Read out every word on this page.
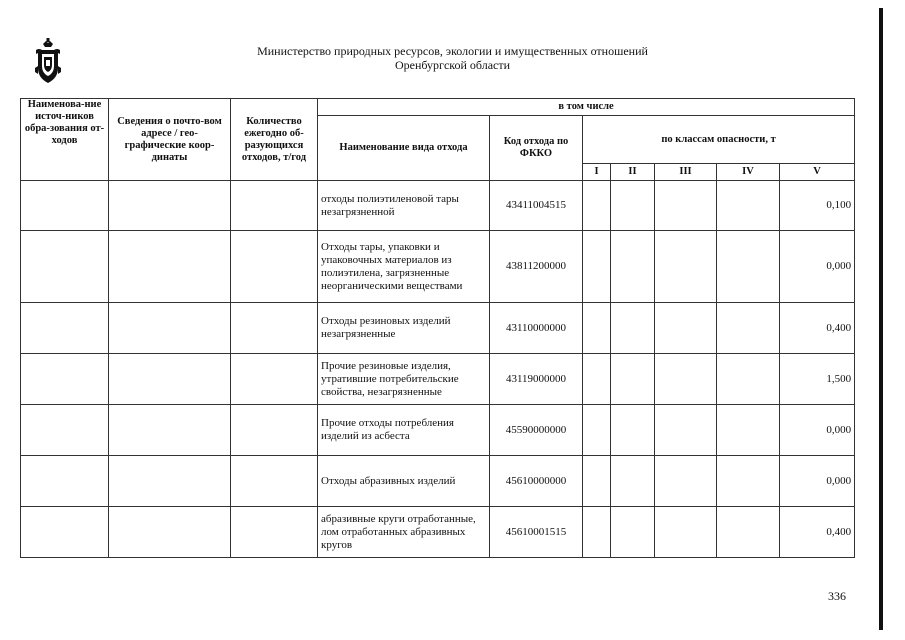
Министерство природных ресурсов, экологии и имущественных отношений
Оренбургской области
Наименова-ние источ-ников обра-зования от-ходов	Сведения о почто-вом адресе / гео-графические коор-динаты	Количество ежегодно об-разующихся отходов, т/год	в том числе						
			Наименование вида отхода	Код отхода по ФККО	по классам опасности, т				
					I	II	III	IV	V
			отходы полиэтиленовой тары незагрязненной	43411004515					0,100
			Отходы тары, упаковки и упаковочных материалов из полиэтилена, загрязненные неорганическими веществами	43811200000					0,000
			Отходы резиновых изделий незагрязненные	43110000000					0,400
			Прочие резиновые изделия, утратившие потребительские свойства, незагрязненные	43119000000					1,500
			Прочие отходы потребления изделий из асбеста	45590000000					0,000
			Отходы абразивных изделий	45610000000					0,000
			абразивные круги отработанные, лом отработанных абразивных кругов	45610001515					0,400
336
